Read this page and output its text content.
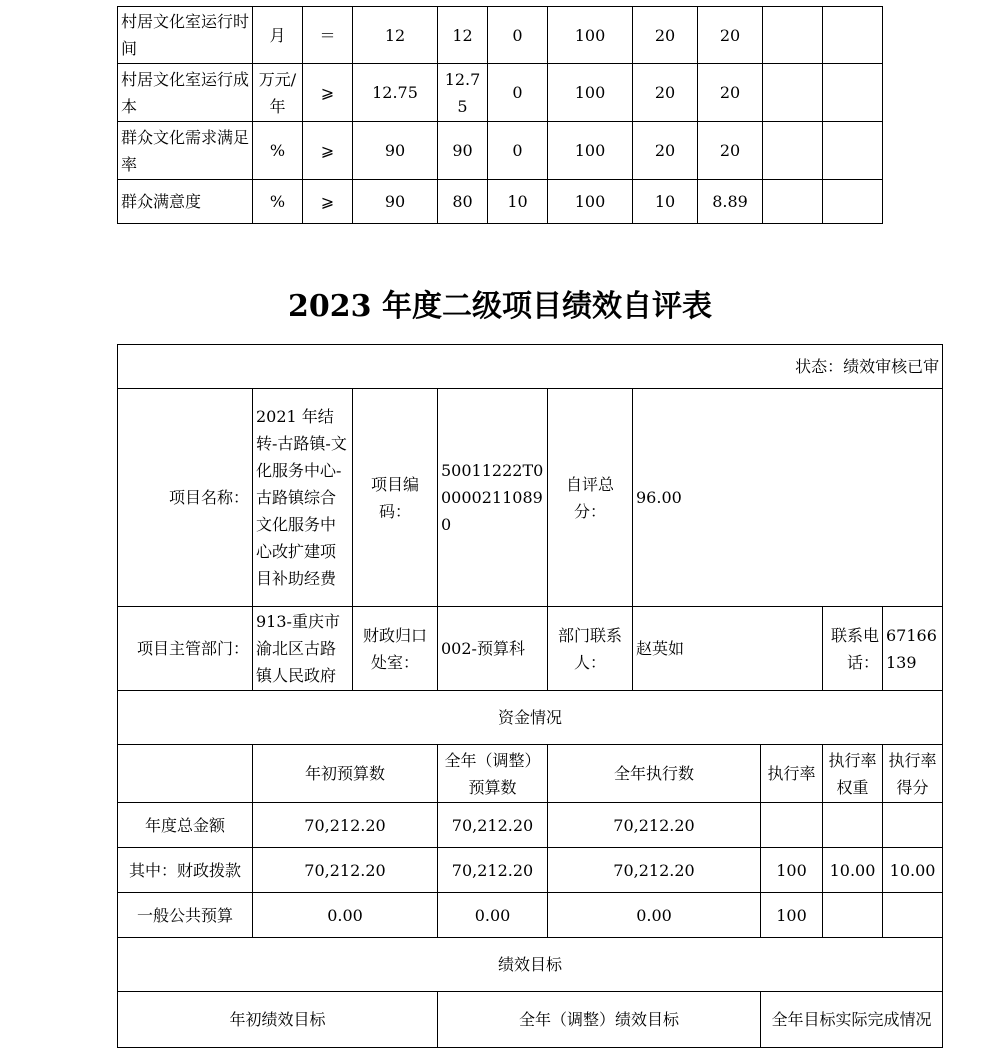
村居文化室运行时间	月	＝	12	12	0	100	20	20		
村居文化室运行成本	万元/年	⩾	12.75	12.75	0	100	20	20		
群众文化需求满足率	%	⩾	90	90	0	100	20	20		
群众满意度	%	⩾	90	80	10	100	10	8.89		
2023 年度二级项目绩效自评表
状态：绩效审核已审								
项目名称：	2021 年结转-古路镇-文化服务中心-古路镇综合文化服务中心改扩建项目补助经费	项目编码：	50011222T000002110890	自评总分：	96.00			
项目主管部门：	913-重庆市渝北区古路镇人民政府	财政归口处室：	002-预算科	部门联系人：	赵英如		联系电话：	67166139
资金情况								
	年初预算数		全年（调整）预算数	全年执行数		执行率	执行率权重	执行率得分
年度总金额	70,212.20		70,212.20	70,212.20				
其中：财政拨款	70,212.20		70,212.20	70,212.20		100	10.00	10.00
一般公共预算	0.00		0.00	0.00		100		
绩效目标								
年初绩效目标			全年（调整）绩效目标			全年目标实际完成情况		
